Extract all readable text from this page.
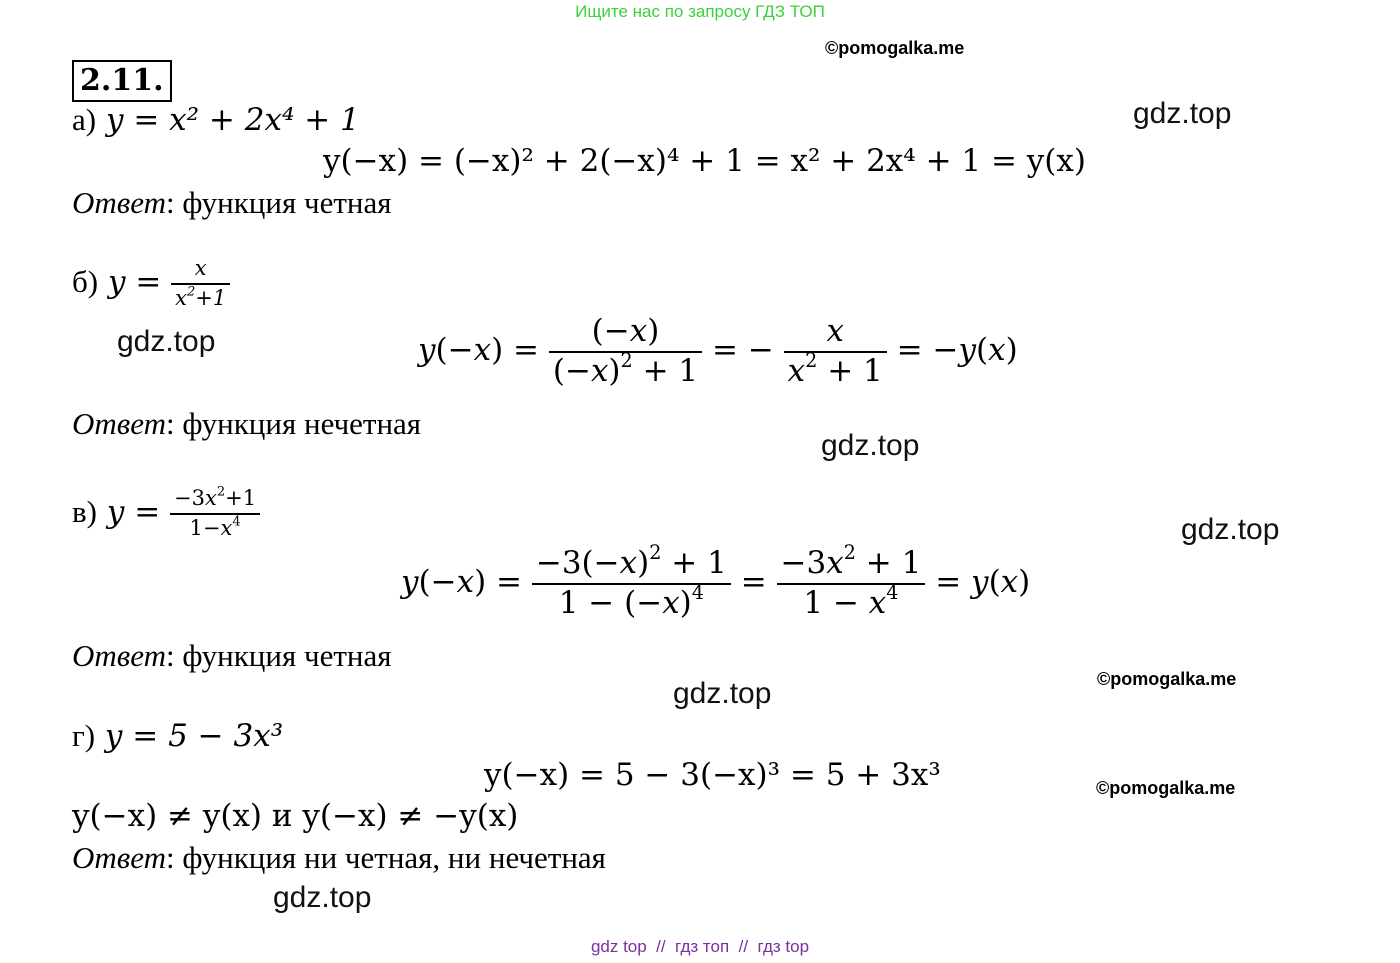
Ищите нас по запросу ГДЗ ТОП
©pomogalka.me
2.11.
gdz.top
а) y = x² + 2x⁴ + 1
y(−x) = (−x)² + 2(−x)⁴ + 1 = x² + 2x⁴ + 1 = y(x)
Ответ: функция четная
б) $y = \frac{x}{x^2+1}$
gdz.top	$y(-x) = \frac{(-x)}{(-x)^2 + 1}$ = − $\frac{x}{x^2 + 1} = -y(x)$
Ответ: функция нечетная
gdz.top
в) $y = \frac{-3x^2+1}{1-x^4}$	gdz.top
$y(-x) = \frac{-3(-x)^2 + 1}{1 - (-x)^4} = \frac{-3x^2 + 1}{1 - x^4} = y(x)$
Ответ: функция четная
©pomogalka.me
gdz.top
г) y = 5 − 3x³
y(−x) = 5 − 3(−x)³ = 5 + 3x³	©pomogalka.me
y(−x) ≠ y(x) и y(−x) ≠ −y(x)
Ответ: функция ни четная, ни нечетная
gdz.top
gdz top  //  гдз топ  //  гдз top
